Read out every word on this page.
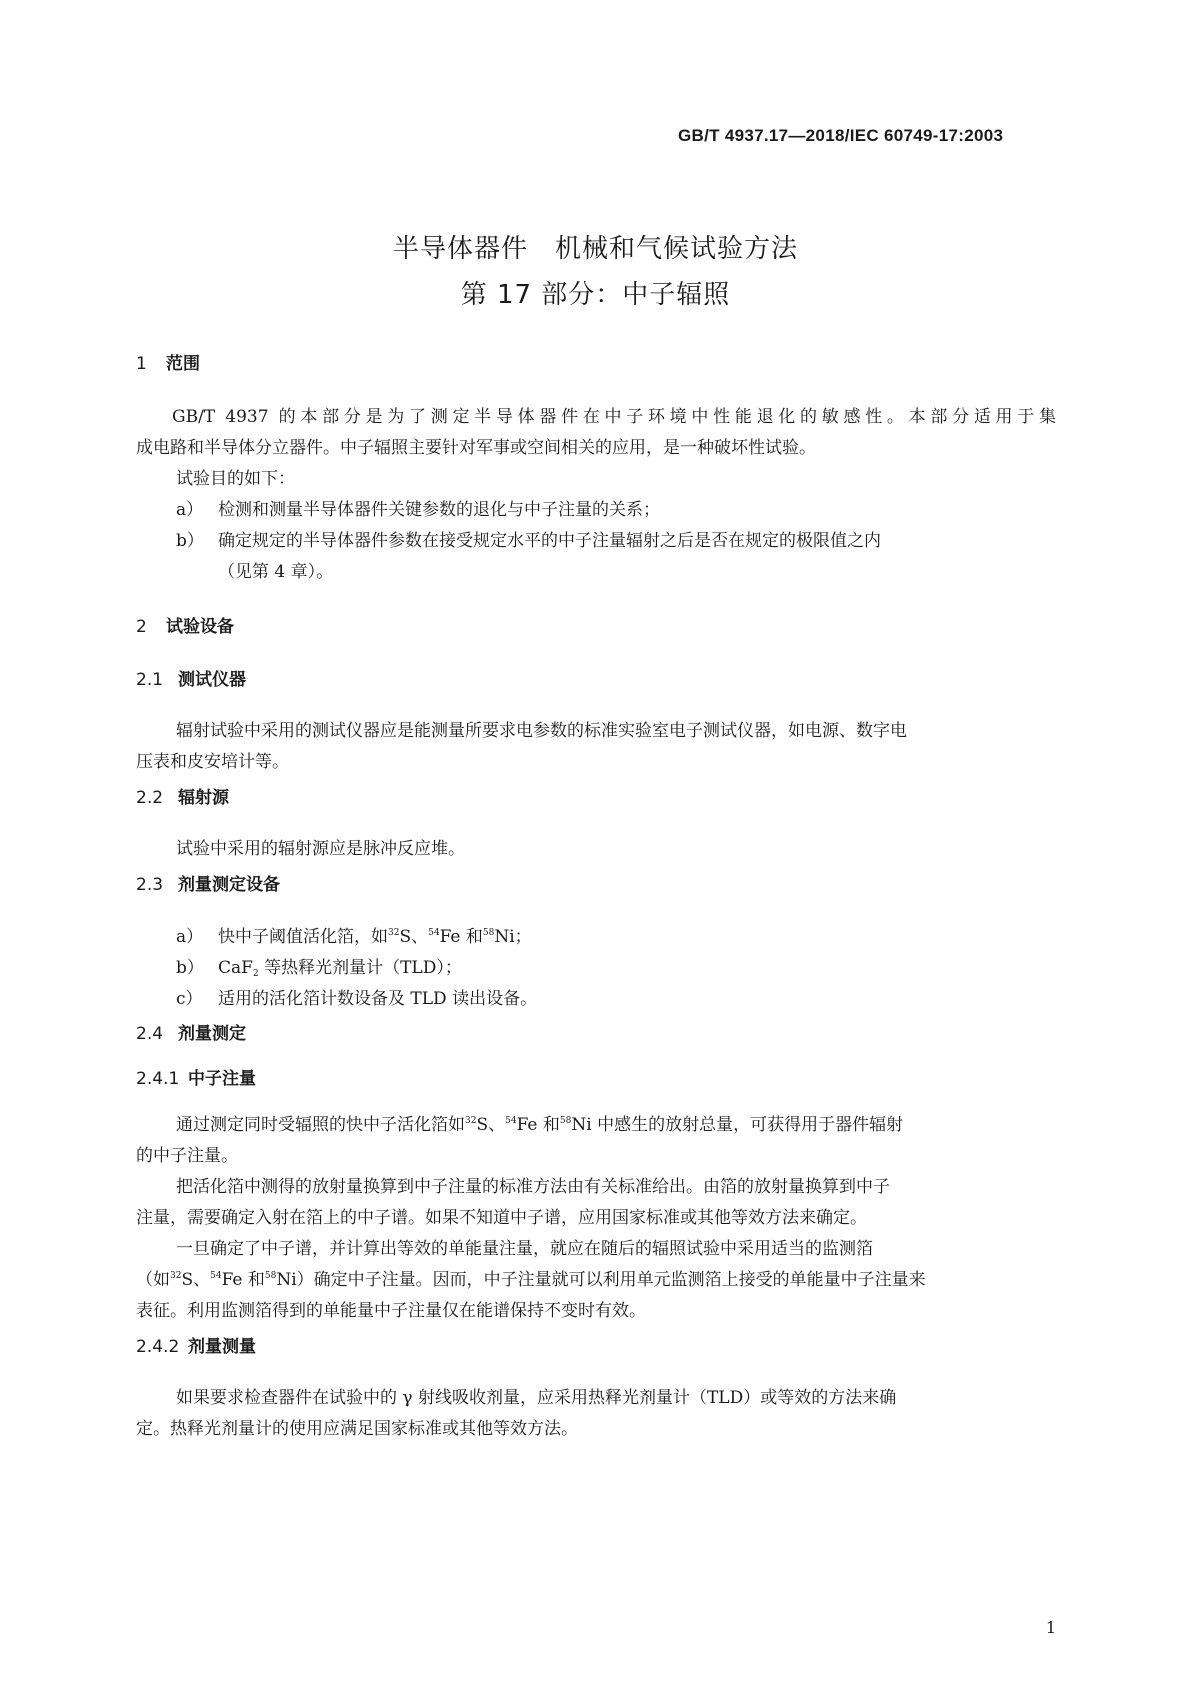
GB/T 4937.17—2018/IEC 60749-17:2003
半导体器件　机械和气候试验方法
第 17 部分：中子辐照
1 范围
GB/T 4937 的本部分是为了测定半导体器件在中子环境中性能退化的敏感性。本部分适用于集
成电路和半导体分立器件。中子辐照主要针对军事或空间相关的应用，是一种破坏性试验。
试验目的如下：
a） 检测和测量半导体器件关键参数的退化与中子注量的关系；
b） 确定规定的半导体器件参数在接受规定水平的中子注量辐射之后是否在规定的极限值之内
（见第 4 章）。
2 试验设备
2.1 测试仪器
辐射试验中采用的测试仪器应是能测量所要求电参数的标准实验室电子测试仪器，如电源、数字电
压表和皮安培计等。
2.2 辐射源
试验中采用的辐射源应是脉冲反应堆。
2.3 剂量测定设备
a） 快中子阈值活化箔，如$^{32}$S、$^{54}$Fe 和$^{58}$Ni；
b） CaF$_2$ 等热释光剂量计（TLD）；
c） 适用的活化箔计数设备及 TLD 读出设备。
2.4 剂量测定
2.4.1 中子注量
通过测定同时受辐照的快中子活化箔如$^{32}$S、$^{54}$Fe 和$^{58}$Ni 中感生的放射总量，可获得用于器件辐射
的中子注量。
把活化箔中测得的放射量换算到中子注量的标准方法由有关标准给出。由箔的放射量换算到中子
注量，需要确定入射在箔上的中子谱。如果不知道中子谱，应用国家标准或其他等效方法来确定。
一旦确定了中子谱，并计算出等效的单能量注量，就应在随后的辐照试验中采用适当的监测箔
（如$^{32}$S、$^{54}$Fe 和$^{58}$Ni）确定中子注量。因而，中子注量就可以利用单元监测箔上接受的单能量中子注量来
表征。利用监测箔得到的单能量中子注量仅在能谱保持不变时有效。
2.4.2 剂量测量
如果要求检查器件在试验中的 γ 射线吸收剂量，应采用热释光剂量计（TLD）或等效的方法来确
定。热释光剂量计的使用应满足国家标准或其他等效方法。
1
